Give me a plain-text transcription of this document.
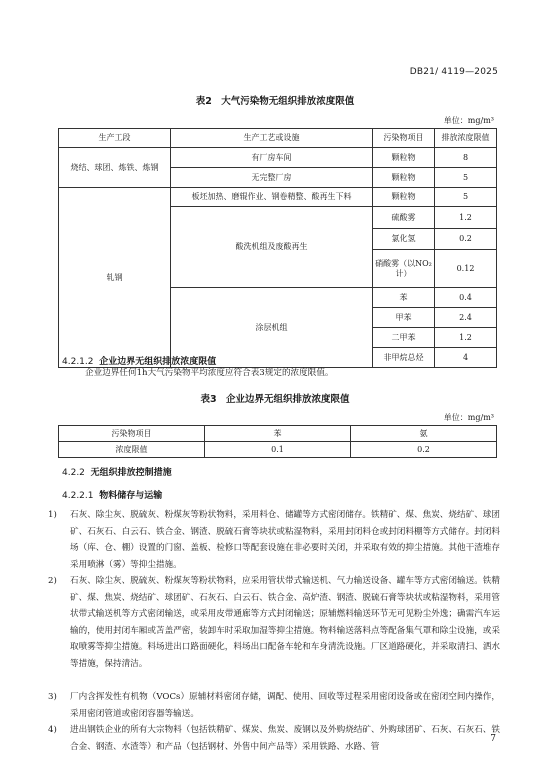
DB21/ 4119—2025
表2　大气污染物无组织排放浓度限值
单位：mg/m³
生产工段	生产工艺或设施	污染物项目	排放浓度限值
烧结、球团、炼铁、炼钢	有厂房车间	颗粒物	8
	无完整厂房	颗粒物	5
轧钢	板坯加热、磨辊作业、钢卷精整、酸再生下料	颗粒物	5
	酸洗机组及废酸再生	硫酸雾	1.2
		氯化氢	0.2
		硝酸雾（以NO₂计）	0.12
	涂层机组	苯	0.4
		甲苯	2.4
		二甲苯	1.2
		非甲烷总烃	4
4.2.1.2 企业边界无组织排放浓度限值
企业边界任何1h大气污染物平均浓度应符合表3规定的浓度限值。
表3　企业边界无组织排放浓度限值
单位：mg/m³
污染物项目	苯	氨
浓度限值	0.1	0.2
4.2.2 无组织排放控制措施
4.2.2.1 物料储存与运输
1) 石灰、除尘灰、脱硫灰、粉煤灰等粉状物料，采用料仓、储罐等方式密闭储存。铁精矿、煤、焦炭、烧结矿、球团矿、石灰石、白云石、铁合金、钢渣、脱硫石膏等块状或粘湿物料，采用封闭料仓或封闭料棚等方式储存。封闭料场（库、仓、棚）设置的门窗、盖板、检修口等配套设施在非必要时关闭，并采取有效的抑尘措施。其他干渣堆存采用喷淋（雾）等抑尘措施。
2) 石灰、除尘灰、脱硫灰、粉煤灰等粉状物料，应采用管状带式输送机、气力输送设备、罐车等方式密闭输送。铁精矿、煤、焦炭、烧结矿、球团矿、石灰石、白云石、铁合金、高炉渣、钢渣、脱硫石膏等块状或粘湿物料，采用管状带式输送机等方式密闭输送，或采用皮带通廊等方式封闭输送；原辅燃料输送环节无可见粉尘外逸；确需汽车运输的，使用封闭车厢或苫盖严密，装卸车时采取加湿等抑尘措施。物料输送落料点等配备集气罩和除尘设施，或采取喷雾等抑尘措施。料场进出口路面硬化，料场出口配备车轮和车身清洗设施。厂区道路硬化，并采取清扫、洒水等措施，保持清洁。
3) 厂内含挥发性有机物（VOCs）原辅材料密闭存储，调配、使用、回收等过程采用密闭设备或在密闭空间内操作，采用密闭管道或密闭容器等输送。
4) 进出钢铁企业的所有大宗物料（包括铁精矿、煤炭、焦炭、废钢以及外购烧结矿、外购球团矿、石灰、石灰石、铁合金、钢渣、水渣等）和产品（包括钢材、外售中间产品等）采用铁路、水路、管
7
